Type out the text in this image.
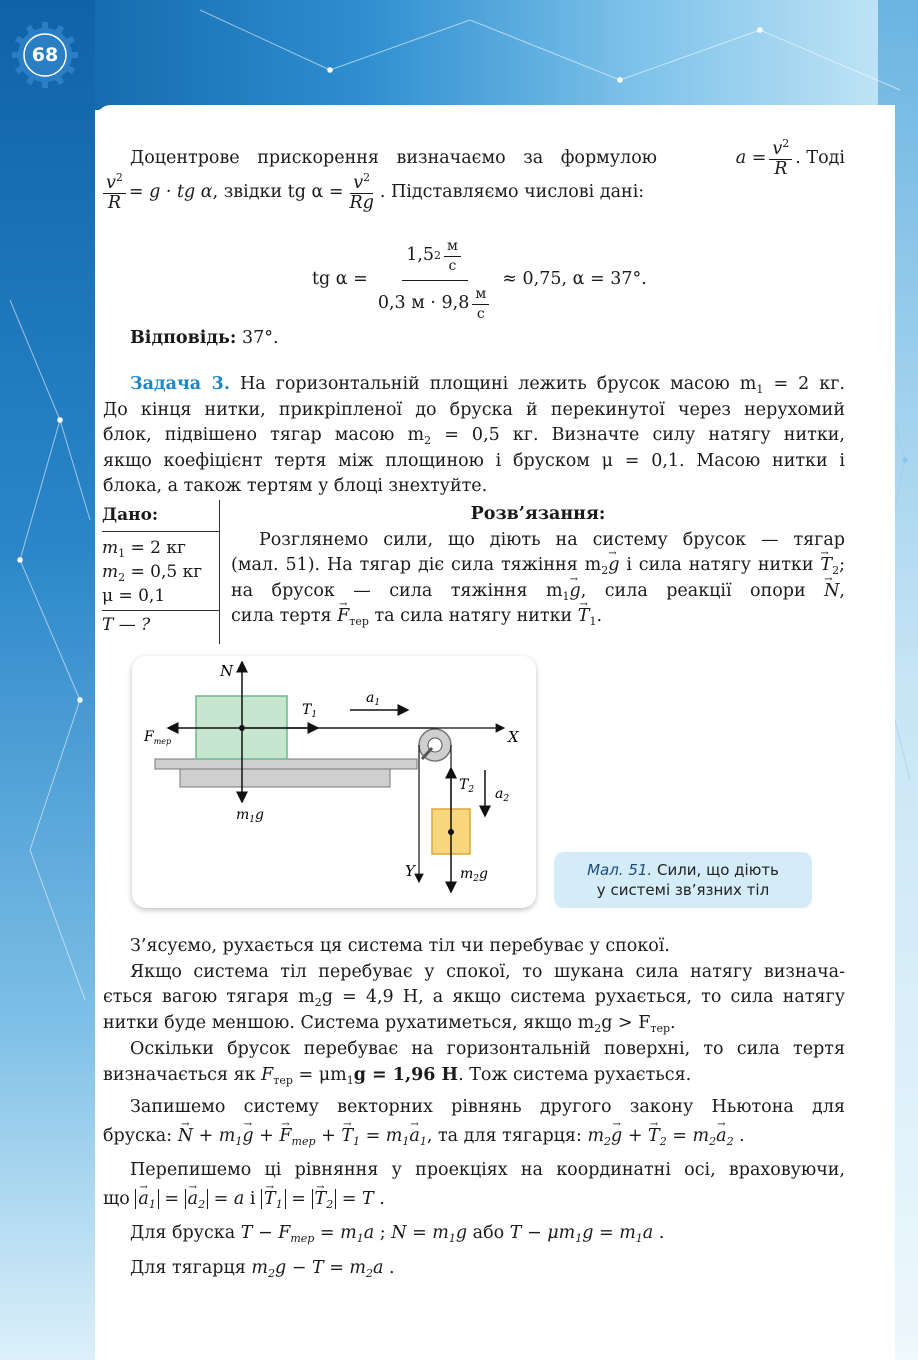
68
Доцентрове прискорення визначаємо за формулою	$a = \frac{v^2}{R}$ . Тоді
$\frac{v^2}{R} = g$ · tg α , звідки tg $\alpha = \frac{v^2}{Rg}$ . Підставляємо числові дані:
tg α =
1,5 $2 \frac{м}{с}$
0,3 $м \cdot 9,8 \frac{м}{с}$
≈ 0,75, α = 37°.
Відповідь: 37°.
Задача 3. На горизонтальній площині лежить брусок масою $m_1 = 2$ кг.
До кінця нитки, прикріпленої до бруска й перекинутої через нерухомий
блок, підвішено тягар масою $m_2 = 0,5$ кг. Визначте силу натягу нитки,
якщо коефіцієнт тертя між площиною і бруском μ = 0,1. Масою нитки і
блока, а також тертям у блоці знехтуйте.
Дано:
$m_1 = 2$ кг
$m_2 = 0,5$ кг
μ = 0,1
T — ?
Розв’язання:
Розглянемо сили, що діють на систему брусок — тягар
(мал. 51). На тягар діє сила тяжіння $m_2\to g$ і сила натягу нитки → $T_2$;
на брусок — сила тяжіння $m_1\to g$, сила реакції опори → N,
сила тертя → $F_{тер}$ та сила натягу нитки → $T_1$.
X
Y
N
$m_1g$
$F_{тер}$
$T_1$
$a_1$
$T_2$ $a_2$
$m_2g$	Мал. 51. Сили, що діють
у системі зв’язних тіл
З’ясуємо, рухається ця система тіл чи перебуває у спокої.
Якщо система тіл перебуває у спокої, то шукана сила натягу визнача-
ється вагою тягаря $m_2g = 4,9$ Н, а якщо система рухається, то сила натягу
нитки буде меншою. Система рухатиметься, якщо $m_2g > F_{тер}$.
Оскільки брусок перебуває на горизонтальній поверхні, то сила тертя
визначається як $F_{тер} = \mu m_1g = 1,96$ Н. Тож система рухається.
Запишемо систему векторних рівнянь другого закону Ньютона для
бруска: → $N + m_1\to g$ + → $F_{тер}$ + → $T_1 = m_1\to a_1$, та для тягарця: $m_2\to g$ + → $T_2 = m_2\to a_2$ .
Перепишемо ці рівняння у проекціях на координатні осі, враховуючи,
що → $a_1$ = → $a_2 = a$ $і \to T_1$ = → $T_2 = T$ .
Для бруска $T - F_{тер} = m_1a$ ; $N = m_1g$ або $T - \mu m_1g = m_1a$ .
Для тягарця $m_2g - T = m_2a$ .
